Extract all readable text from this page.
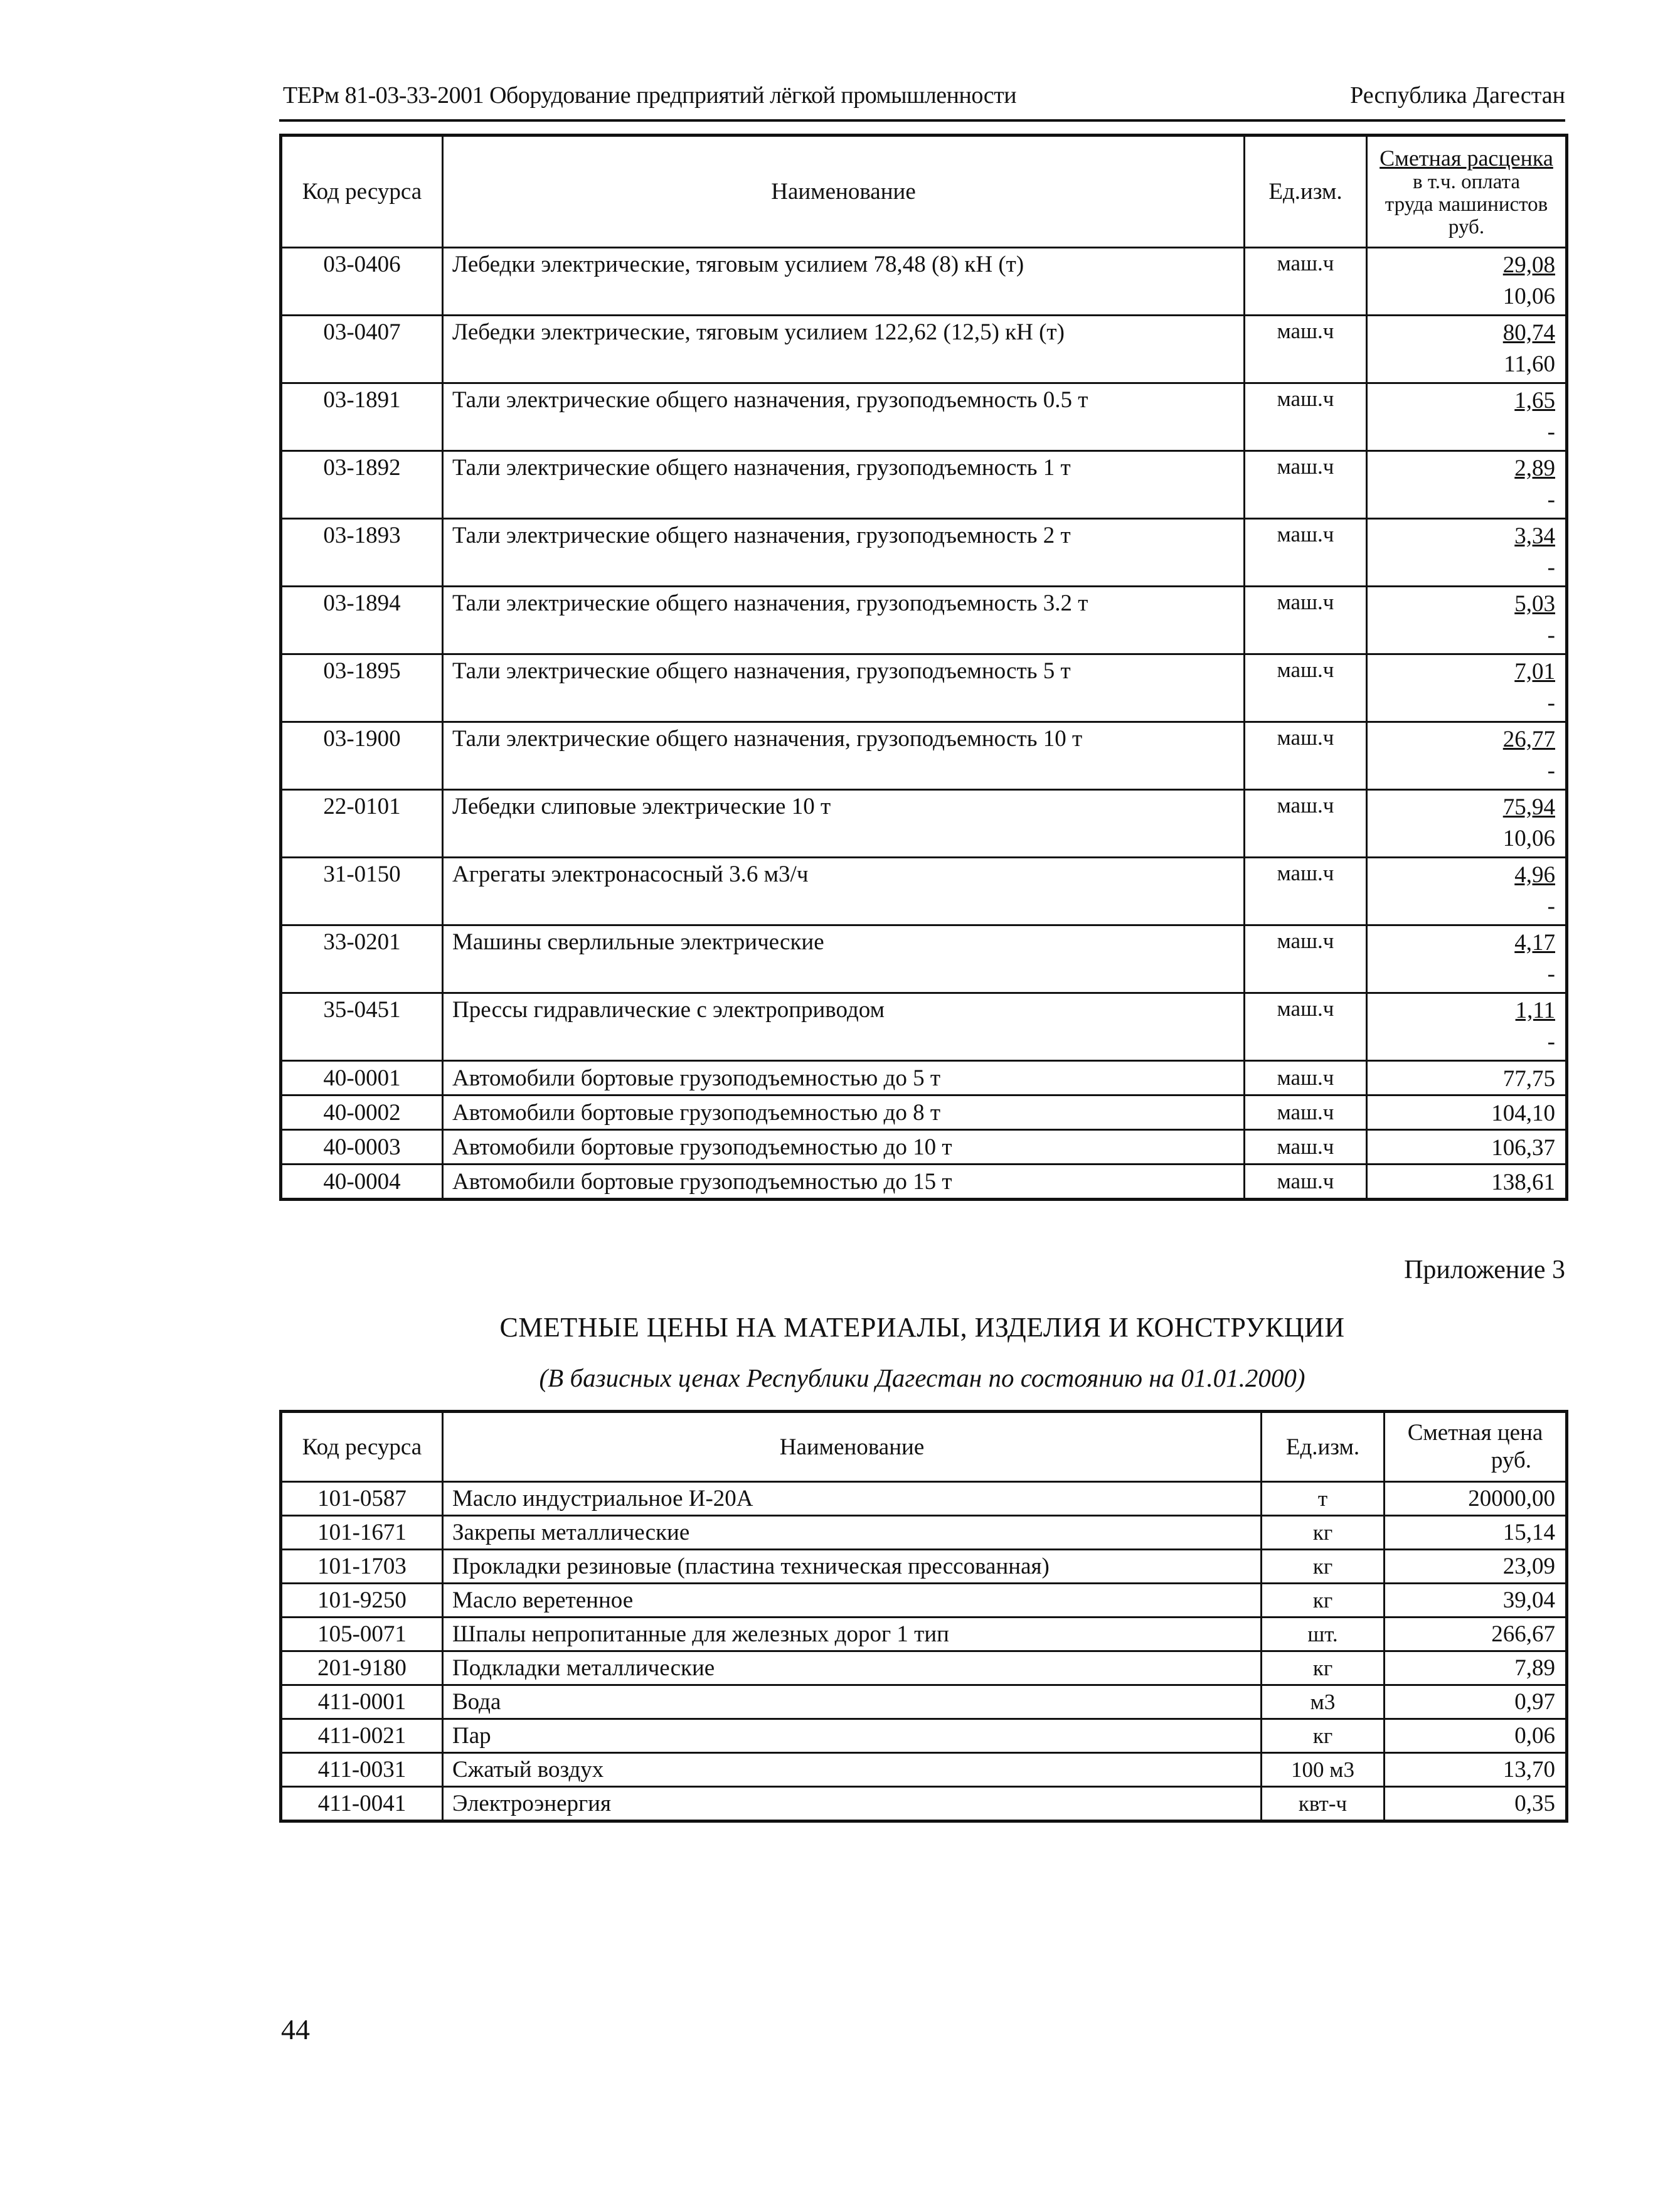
ТЕРм 81-03-33-2001 Оборудование предприятий лёгкой промышленности	Республика Дагестан
Код ресурса	Наименование	Ед.изм.	Сметная расценка
в т.ч. оплата
труда машинистов
руб.

03-0406	Лебедки электрические, тяговым усилием 78,48 (8) кН (т)	маш.ч	29,08
10,06

03-0407	Лебедки электрические, тяговым усилием 122,62 (12,5) кН (т)	маш.ч	80,74
11,60

03-1891	Тали электрические общего назначения, грузоподъемность 0.5 т	маш.ч	1,65
-

03-1892	Тали электрические общего назначения, грузоподъемность 1 т	маш.ч	2,89
-

03-1893	Тали электрические общего назначения, грузоподъемность 2 т	маш.ч	3,34
-

03-1894	Тали электрические общего назначения, грузоподъемность 3.2 т	маш.ч	5,03
-

03-1895	Тали электрические общего назначения, грузоподъемность 5 т	маш.ч	7,01
-

03-1900	Тали электрические общего назначения, грузоподъемность 10 т	маш.ч	26,77
-

22-0101	Лебедки слиповые электрические 10 т	маш.ч	75,94
10,06

31-0150	Агрегаты электронасосный 3.6 м3/ч	маш.ч	4,96
-

33-0201	Машины сверлильные электрические	маш.ч	4,17
-

35-0451	Прессы гидравлические с электроприводом	маш.ч	1,11
-

40-0001	Автомобили бортовые грузоподъемностью до 5 т	маш.ч	77,75
40-0002	Автомобили бортовые грузоподъемностью до 8 т	маш.ч	104,10
40-0003	Автомобили бортовые грузоподъемностью до 10 т	маш.ч	106,37
40-0004	Автомобили бортовые грузоподъемностью до 15 т	маш.ч	138,61
Приложение 3
СМЕТНЫЕ ЦЕНЫ НА МАТЕРИАЛЫ, ИЗДЕЛИЯ И КОНСТРУКЦИИ
(В базисных ценах Республики Дагестан по состоянию на 01.01.2000)
Код ресурса	Наименование	Ед.изм.	Сметная цена
руб.

101-0587	Масло индустриальное И-20А	т	20000,00
101-1671	Закрепы металлические	кг	15,14
101-1703	Прокладки резиновые (пластина техническая прессованная)	кг	23,09
101-9250	Масло веретенное	кг	39,04
105-0071	Шпалы непропитанные для железных дорог 1 тип	шт.	266,67
201-9180	Подкладки металлические	кг	7,89
411-0001	Вода	м3	0,97
411-0021	Пар	кг	0,06
411-0031	Сжатый воздух	100 м3	13,70
411-0041	Электроэнергия	квт-ч	0,35
44
